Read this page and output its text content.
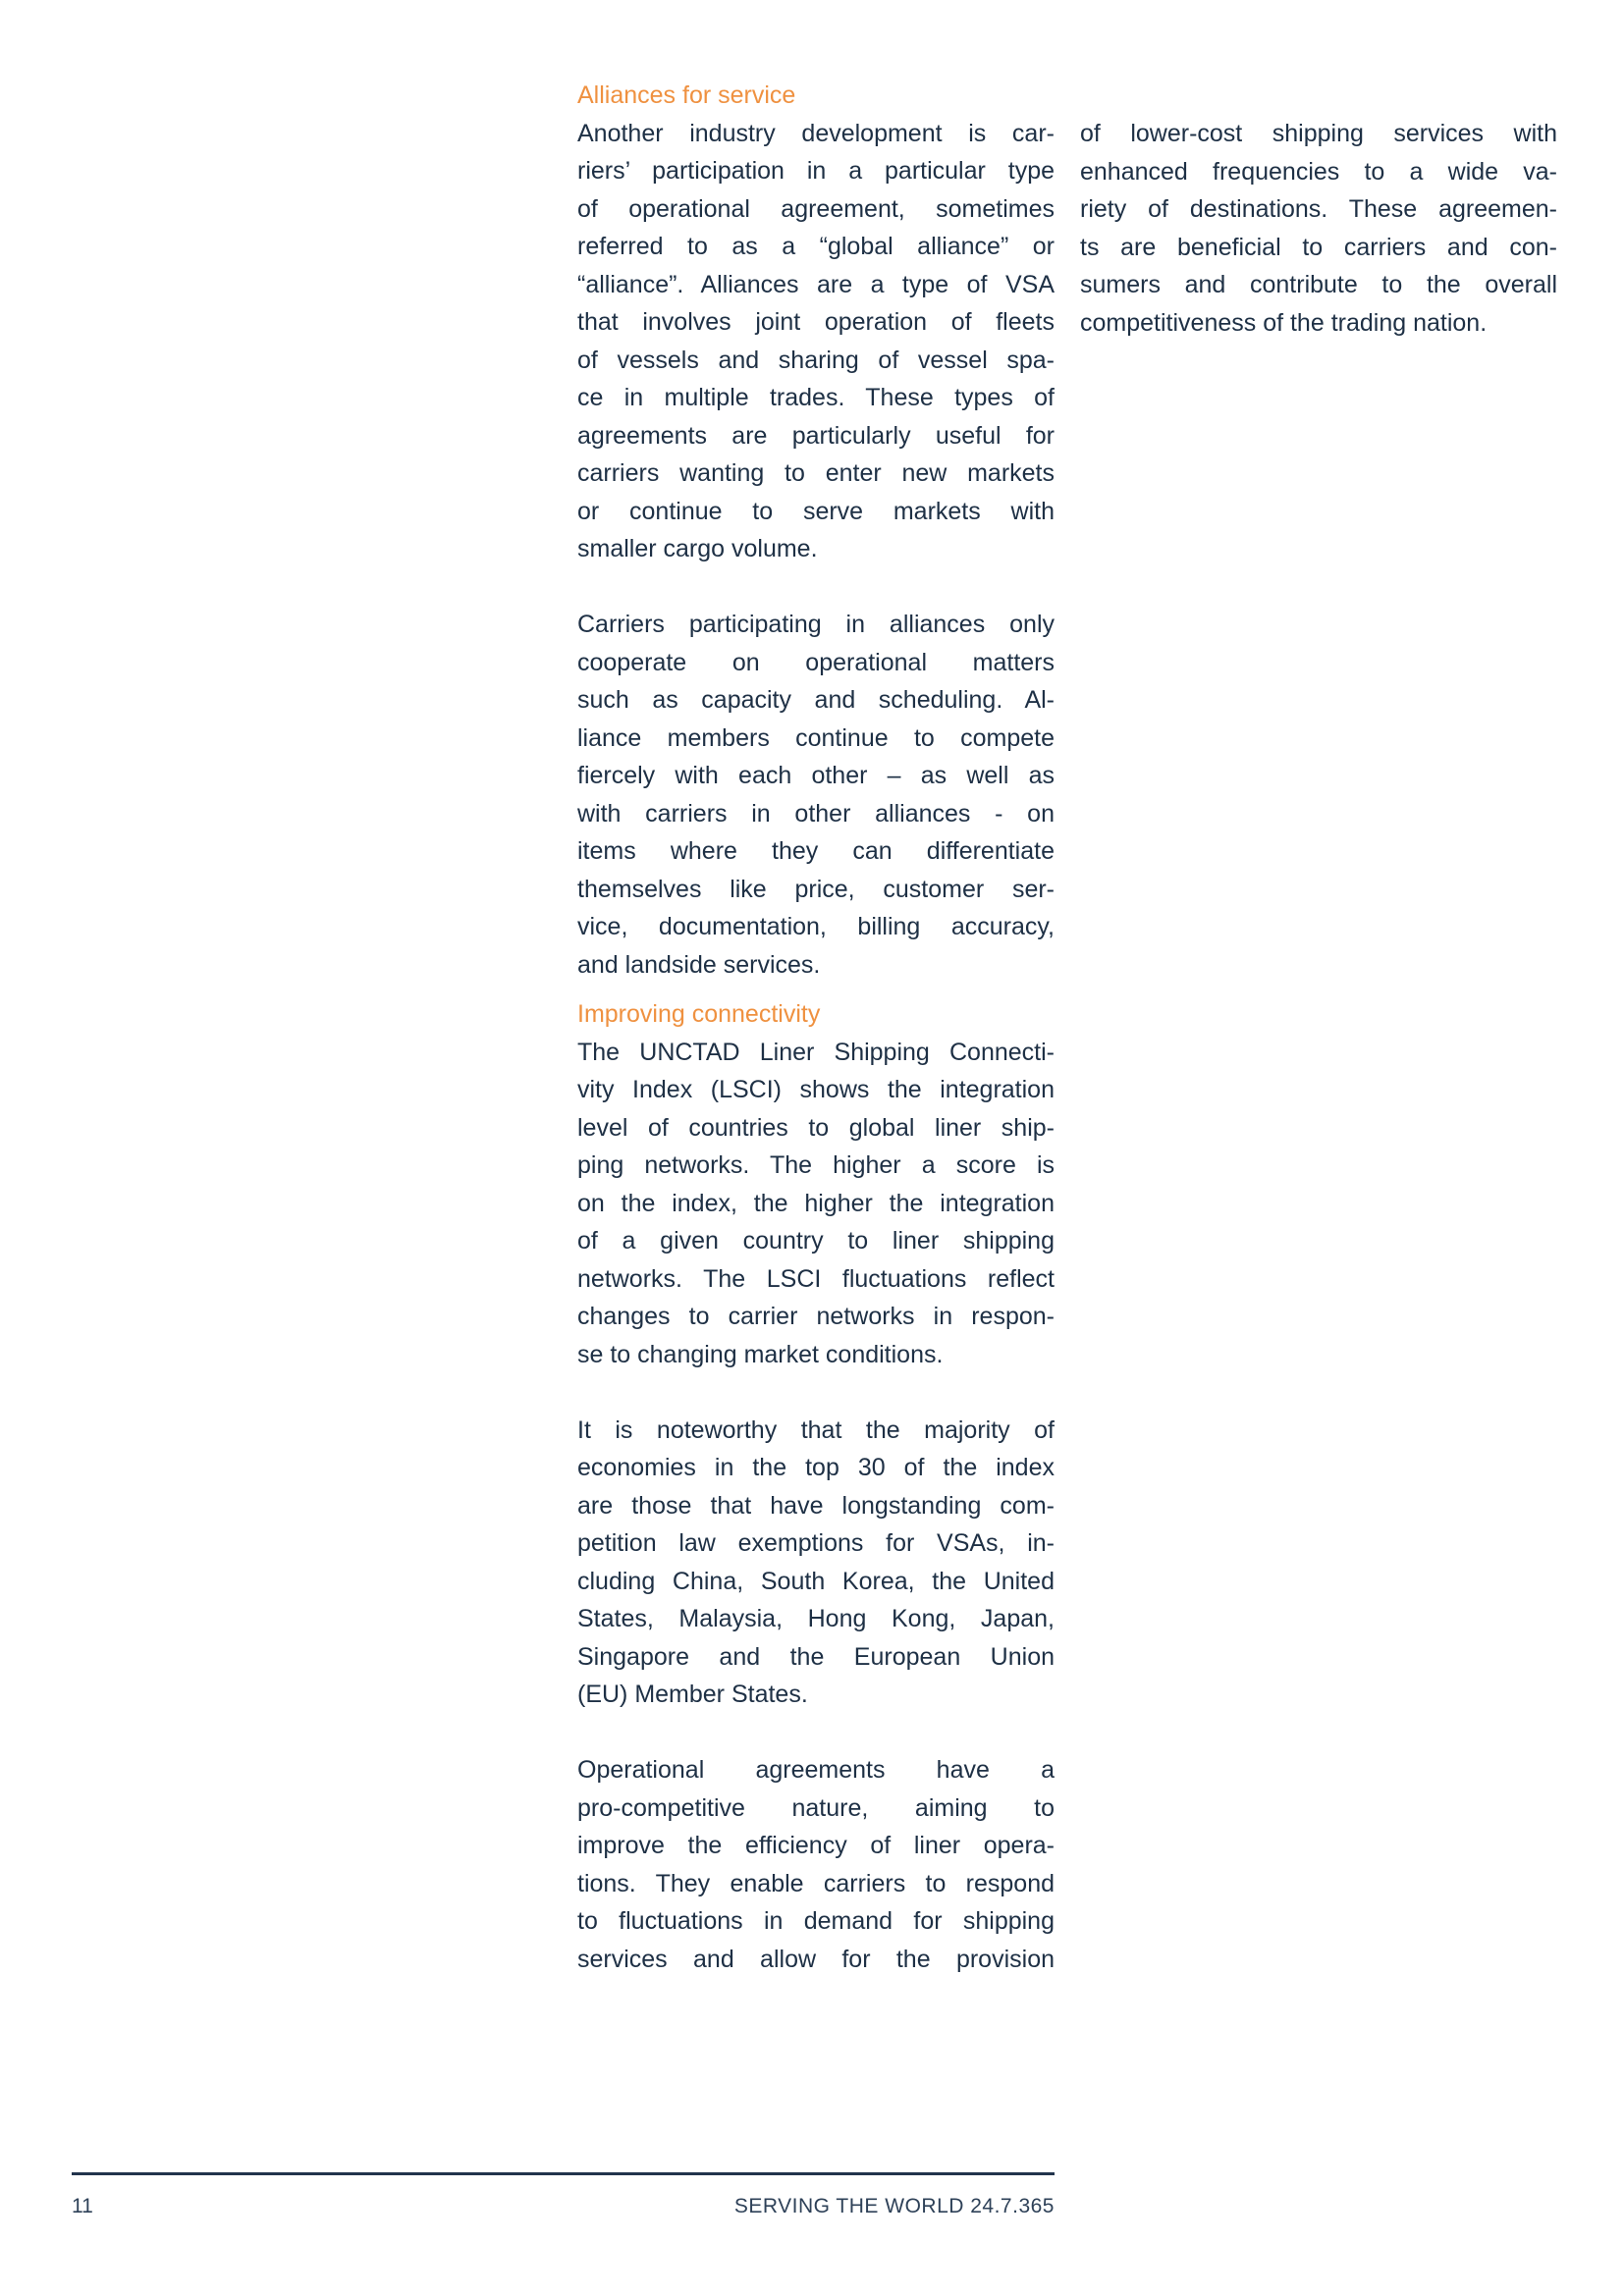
Alliances for service
Another industry development is car-
riers’ participation in a particular type
of operational agreement, sometimes
referred to as a “global alliance” or
“alliance”. Alliances are a type of VSA
that involves joint operation of fleets
of vessels and sharing of vessel spa-
ce in multiple trades. These types of
agreements are particularly useful for
carriers wanting to enter new markets
or continue to serve markets with
smaller cargo volume.
Carriers participating in alliances only
cooperate on operational matters
such as capacity and scheduling. Al-
liance members continue to compete
fiercely with each other – as well as
with carriers in other alliances - on
items where they can differentiate
themselves like price, customer ser-
vice, documentation, billing accuracy,
and landside services.
Improving connectivity
The UNCTAD Liner Shipping Connecti-
vity Index (LSCI) shows the integration
level of countries to global liner ship-
ping networks. The higher a score is
on the index, the higher the integration
of a given country to liner shipping
networks. The LSCI fluctuations reflect
changes to carrier networks in respon-
se to changing market conditions.
It is noteworthy that the majority of
economies in the top 30 of the index
are those that have longstanding com-
petition law exemptions for VSAs, in-
cluding China, South Korea, the United
States, Malaysia, Hong Kong, Japan,
Singapore and the European Union
(EU) Member States.
Operational agreements have a
pro-competitive nature, aiming to
improve the efficiency of liner opera-
tions. They enable carriers to respond
to fluctuations in demand for shipping
services and allow for the provision
of lower-cost shipping services with
enhanced frequencies to a wide va-
riety of destinations. These agreemen-
ts are beneficial to carriers and con-
sumers and contribute to the overall
competitiveness of the trading nation.
11	SERVING THE WORLD 24.7.365
